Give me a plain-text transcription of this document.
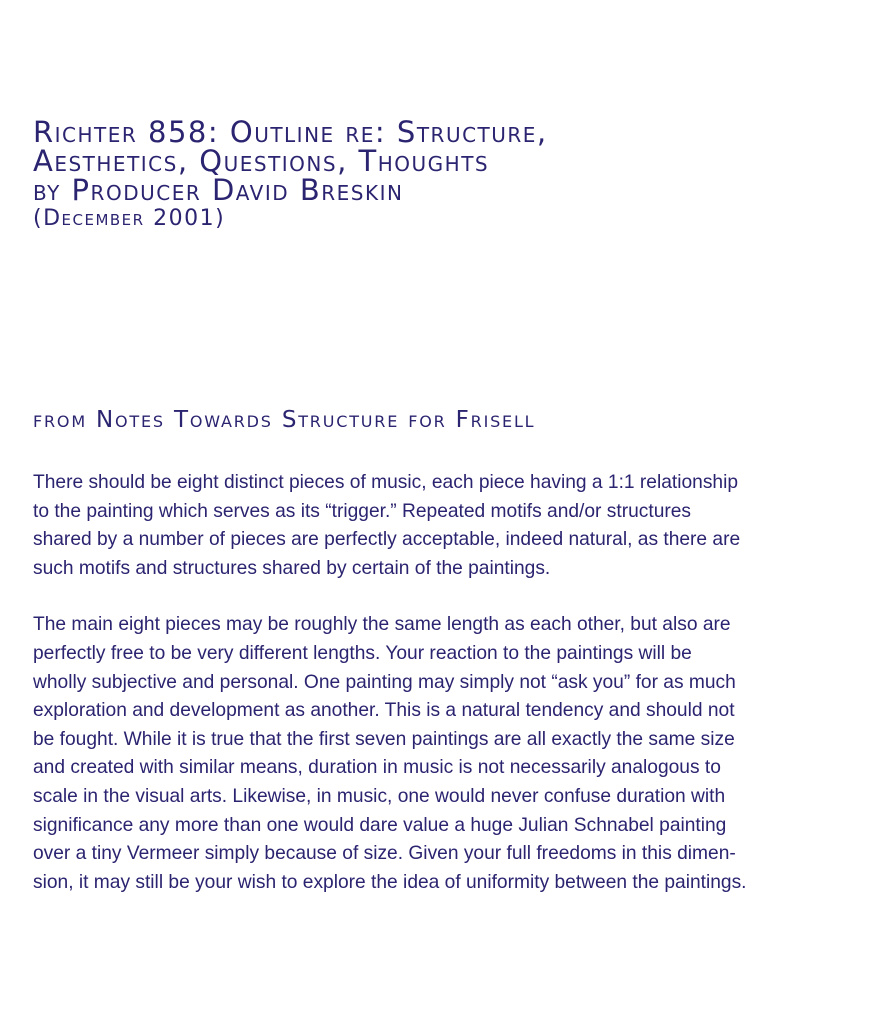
Richter 858: Outline re: Structure,
Aesthetics, Questions, Thoughts
by Producer David Breskin
(December 2001)
from Notes Towards Structure for Frisell

There should be eight distinct pieces of music, each piece having a 1:1 relationship
to the painting which serves as its “trigger.” Repeated motifs and/or structures
shared by a number of pieces are perfectly acceptable, indeed natural, as there are
such motifs and structures shared by certain of the paintings.

The main eight pieces may be roughly the same length as each other, but also are
perfectly free to be very different lengths. Your reaction to the paintings will be
wholly subjective and personal. One painting may simply not “ask you” for as much
exploration and development as another. This is a natural tendency and should not
be fought. While it is true that the first seven paintings are all exactly the same size
and created with similar means, duration in music is not necessarily analogous to
scale in the visual arts. Likewise, in music, one would never confuse duration with
significance any more than one would dare value a huge Julian Schnabel painting
over a tiny Vermeer simply because of size. Given your full freedoms in this dimen-
sion, it may still be your wish to explore the idea of uniformity between the paintings.
